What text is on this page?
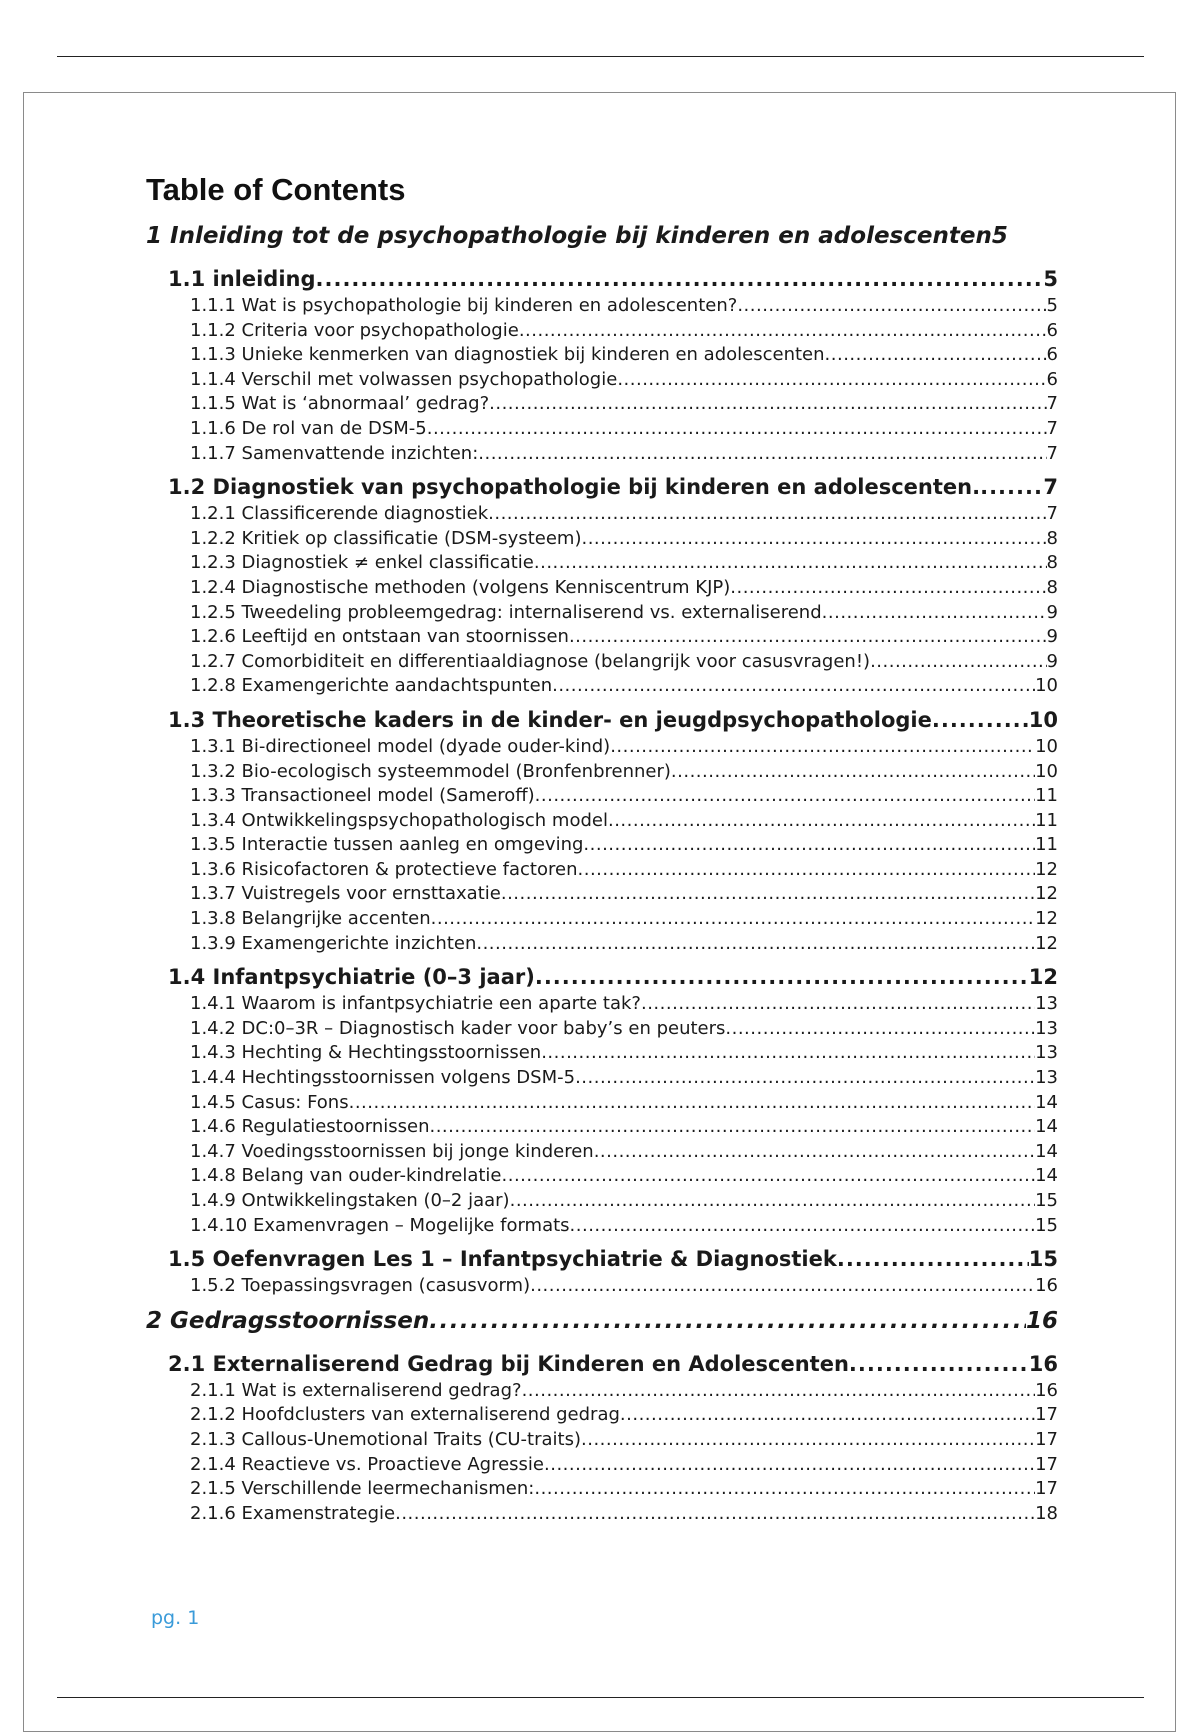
Table of Contents
1 Inleiding tot de psychopathologie bij kinderen en adolescenten 5
1.1 inleiding .....	5
1.1.1 Wat is psychopathologie bij kinderen en adolescenten? .....	5
1.1.2 Criteria voor psychopathologie .....	6
1.1.3 Unieke kenmerken van diagnostiek bij kinderen en adolescenten .....	6
1.1.4 Verschil met volwassen psychopathologie .....	6
1.1.5 Wat is ‘abnormaal’ gedrag? .....	7
1.1.6 De rol van de DSM-5 .....	7
1.1.7 Samenvattende inzichten: .....	7
1.2 Diagnostiek van psychopathologie bij kinderen en adolescenten. .....	7
1.2.1 Classificerende diagnostiek .....	7
1.2.2 Kritiek op classificatie (DSM-systeem) .....	8
1.2.3 Diagnostiek ≠ enkel classificatie .....	8
1.2.4 Diagnostische methoden (volgens Kenniscentrum KJP) .....	8
1.2.5 Tweedeling probleemgedrag: internaliserend vs. externaliserend .....	9
1.2.6 Leeftijd en ontstaan van stoornissen .....	9
1.2.7 Comorbiditeit en differentiaaldiagnose (belangrijk voor casusvragen!) .....	9
1.2.8 Examengerichte aandachtspunten .....	10
1.3 Theoretische kaders in de kinder- en jeugdpsychopathologie .....	10
1.3.1 Bi-directioneel model (dyade ouder-kind) .....	10
1.3.2 Bio-ecologisch systeemmodel (Bronfenbrenner) .....	10
1.3.3 Transactioneel model (Sameroff) .....	11
1.3.4 Ontwikkelingspsychopathologisch model .....	11
1.3.5 Interactie tussen aanleg en omgeving .....	11
1.3.6 Risicofactoren & protectieve factoren .....	12
1.3.7 Vuistregels voor ernsttaxatie .....	12
1.3.8 Belangrijke accenten .....	12
1.3.9 Examengerichte inzichten .....	12
1.4 Infantpsychiatrie (0–3 jaar) .....	12
1.4.1 Waarom is infantpsychiatrie een aparte tak? .....	13
1.4.2 DC:0–3R – Diagnostisch kader voor baby’s en peuters .....	13
1.4.3 Hechting & Hechtingsstoornissen .....	13
1.4.4 Hechtingsstoornissen volgens DSM-5 .....	13
1.4.5 Casus: Fons .....	14
1.4.6 Regulatiestoornissen .....	14
1.4.7 Voedingsstoornissen bij jonge kinderen .....	14
1.4.8 Belang van ouder-kindrelatie .....	14
1.4.9 Ontwikkelingstaken (0–2 jaar) .....	15
1.4.10 Examenvragen – Mogelijke formats .....	15
1.5 Oefenvragen Les 1 – Infantpsychiatrie & Diagnostiek .....	15
1.5.2 Toepassingsvragen (casusvorm) .....	16
2 Gedragsstoornissen .....	16
2.1 Externaliserend Gedrag bij Kinderen en Adolescenten .....	16
2.1.1 Wat is externaliserend gedrag? .....	16
2.1.2 Hoofdclusters van externaliserend gedrag .....	17
2.1.3 Callous-Unemotional Traits (CU-traits) .....	17
2.1.4 Reactieve vs. Proactieve Agressie .....	17
2.1.5 Verschillende leermechanismen: .....	17
2.1.6 Examenstrategie .....	18
pg. 1
